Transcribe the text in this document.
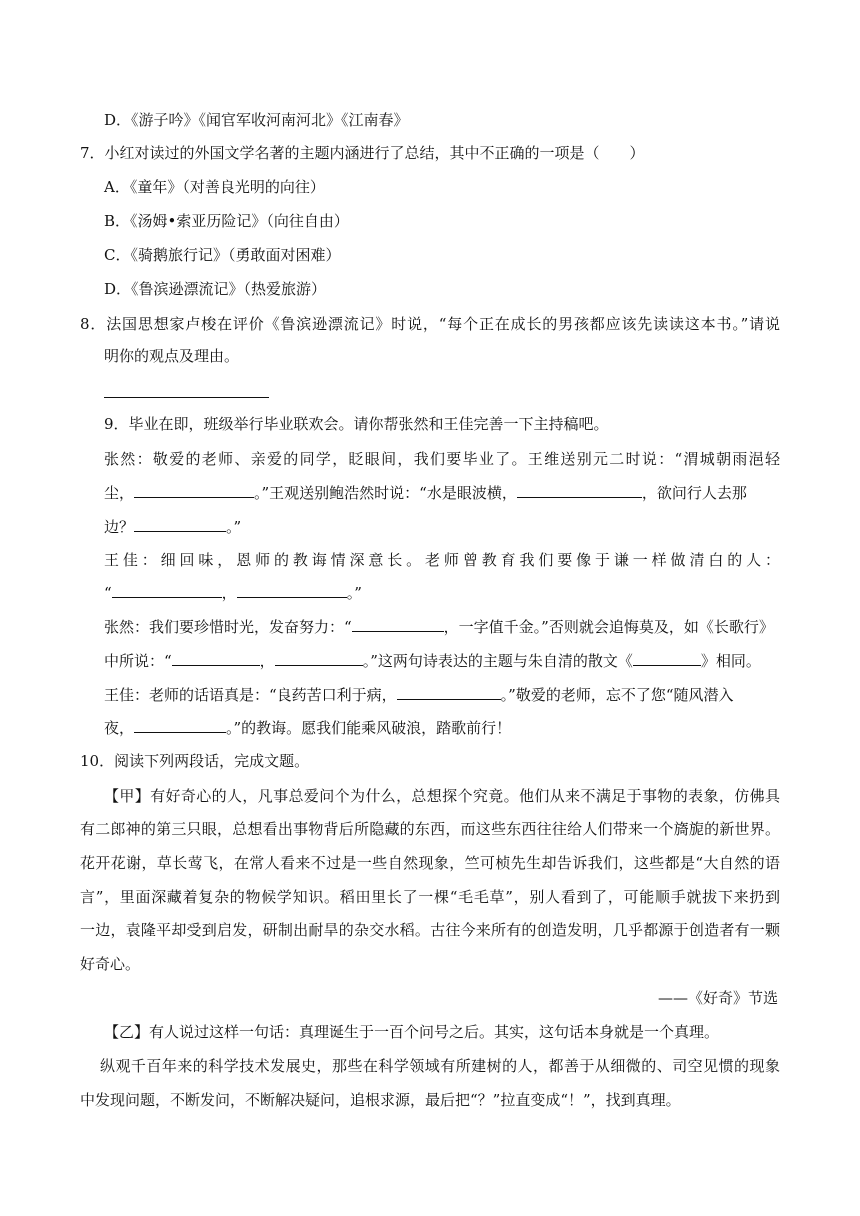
D．《游子吟》《闻官军收河南河北》《江南春》
7．小红对读过的外国文学名著的主题内涵进行了总结，其中不正确的一项是（　　）
A．《童年》（对善良光明的向往）
B．《汤姆•索亚历险记》（向往自由）
C．《骑鹅旅行记》（勇敢面对困难）
D．《鲁滨逊漂流记》（热爱旅游）
8．法国思想家卢梭在评价《鲁滨逊漂流记》时说，“每个正在成长的男孩都应该先读读这本书。”请说
明你的观点及理由。
9．毕业在即，班级举行毕业联欢会。请你帮张然和王佳完善一下主持稿吧。
张然：敬爱的老师、亲爱的同学，眨眼间，我们要毕业了。王维送别元二时说：“渭城朝雨浥轻
尘，	。”王观送别鲍浩然时说：“水是眼波横，	，欲问行人去那
边？	。”
王佳：细回味，恩师的教诲情深意长。老师曾教育我们要像于谦一样做清白的人：
“	，	。”
张然：我们要珍惜时光，发奋努力：“	，一字值千金。”否则就会追悔莫及，如《长歌行》
中所说：“	，	。”这两句诗表达的主题与朱自清的散文《	》相同。
王佳：老师的话语真是：“良药苦口利于病，	。”敬爱的老师，忘不了您“随风潜入
夜，	。”的教诲。愿我们能乘风破浪，踏歌前行！
10．阅读下列两段话，完成文题。
【甲】有好奇心的人，凡事总爱问个为什么，总想探个究竟。他们从来不满足于事物的表象，仿佛具
有二郎神的第三只眼，总想看出事物背后所隐藏的东西，而这些东西往往给人们带来一个旖旎的新世界。
花开花谢，草长莺飞，在常人看来不过是一些自然现象，竺可桢先生却告诉我们，这些都是“大自然的语
言”，里面深藏着复杂的物候学知识。稻田里长了一棵“毛毛草”，别人看到了，可能顺手就拔下来扔到
一边，袁隆平却受到启发，研制出耐旱的杂交水稻。古往今来所有的创造发明，几乎都源于创造者有一颗
好奇心。
——《好奇》节选
【乙】有人说过这样一句话：真理诞生于一百个问号之后。其实，这句话本身就是一个真理。
纵观千百年来的科学技术发展史，那些在科学领域有所建树的人，都善于从细微的、司空见惯的现象
中发现问题，不断发问，不断解决疑问，追根求源，最后把“？”拉直变成“！”，找到真理。
